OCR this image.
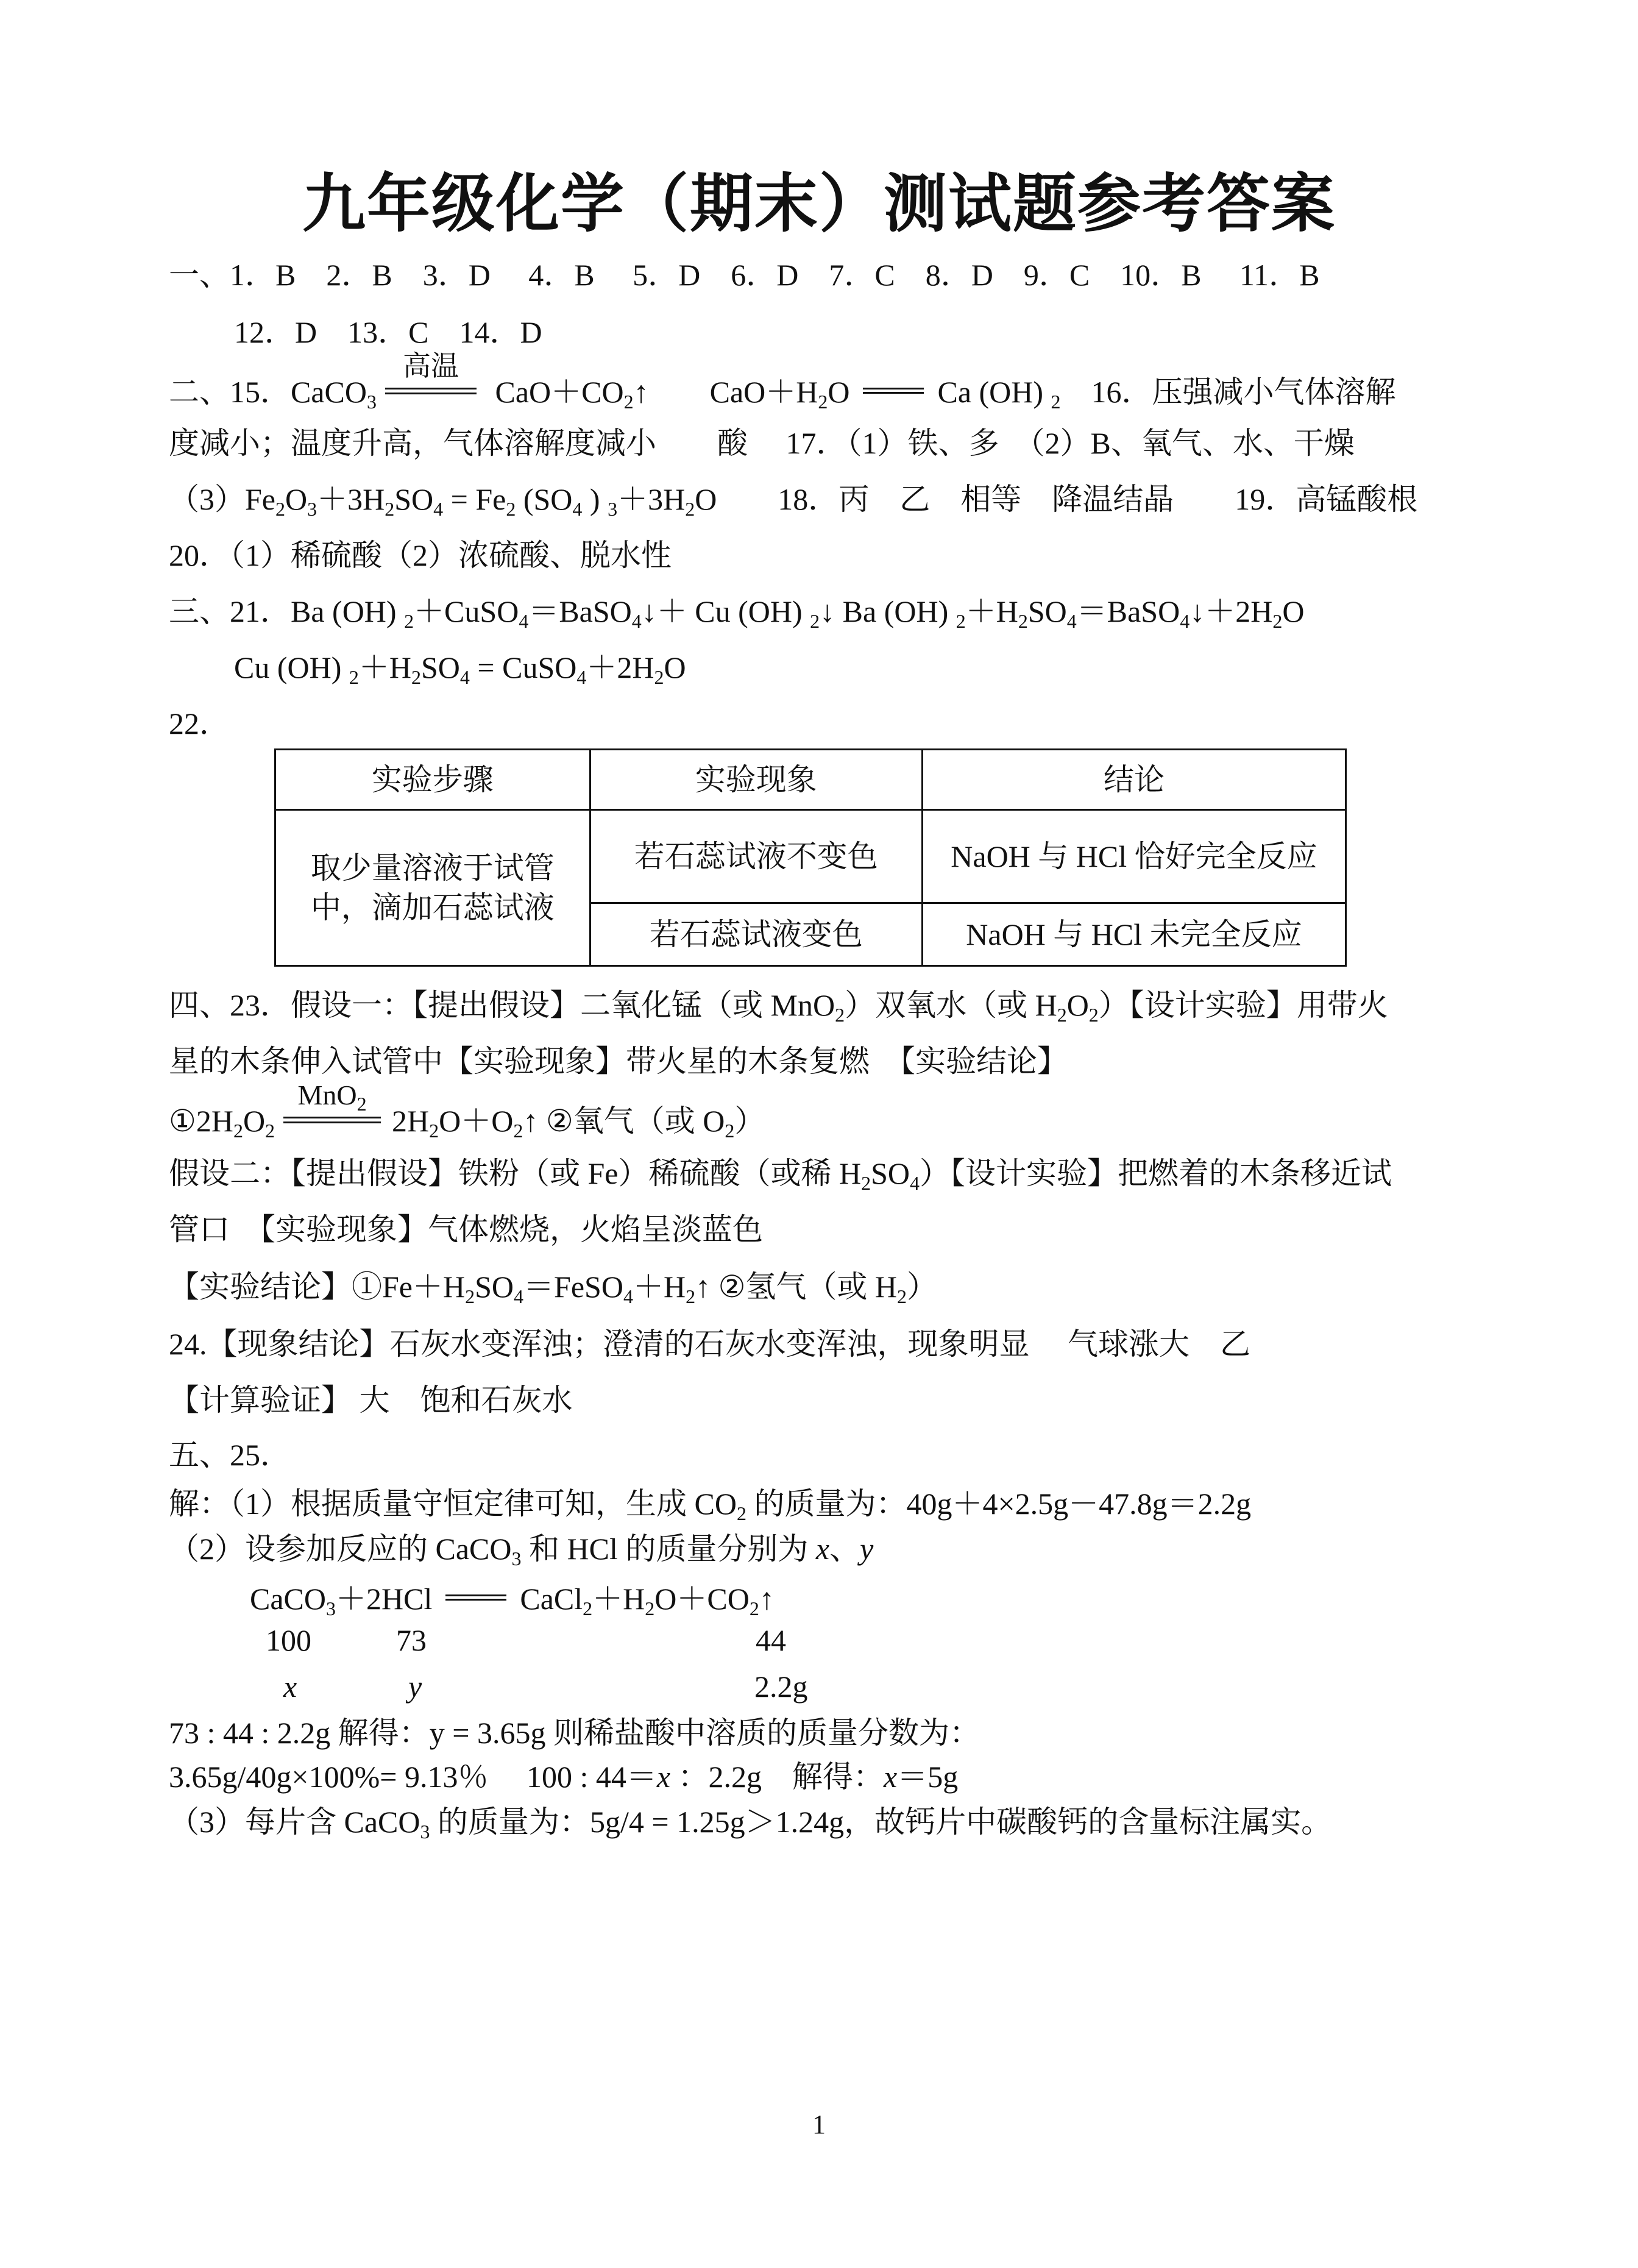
九年级化学（期末）测试题参考答案
一、1．B　2．B　3．D　 4．B　 5．D　6．D　7．C　8．D　9．C　10．B　 11．B
12．D　13．C　14．D
二、15．CaCO$_3$
高温
$CaO+CO_2↑$　　$CaO+H_2O$	Ca (OH) $_2$　16．压强减小气体溶解
度减小；温度升高，气体溶解度减小　　酸　 17．（1）铁、多　（2）B、氧气、水、干燥
$(3)Fe_2O_3+3H_2SO_4 = Fe_2$ ($SO_4$ ) $_3+3H_2O$　　18．丙　乙　相等　降温结晶　　19．高锰酸根
20．（1）稀硫酸（2）浓硫酸、脱水性
三、21．Ba (OH) $_2$＋CuSO$_4$＝BaSO$_4$↓＋ Cu (OH) $_2$↓ Ba (OH) $_2+H_2SO_4=BaSO_4↓+2H_2O$
Cu (OH) $_2+H_2SO_4$ = $CuSO_4+2H_2O$
22．
实验步骤	实验现象	结论
取少量溶液于试管中，滴加石蕊试液	若石蕊试液不变色	NaOH 与 HCl 恰好完全反应
	若石蕊试液变色	NaOH 与 HCl 未完全反应
四、23．假设一：【提出假设】二氧化锰（或 MnO$_2$）双氧水（或 $H_2O_2$）【设计实验】用带火
星的木条伸入试管中【实验现象】带火星的木条复燃　【实验结论】
$①2H_2O_2$
MnO$_2$ $2H_2O+O_2↑$ ②氧气（或 $O_2$）
假设二：【提出假设】铁粉（或 Fe）稀硫酸（或稀 $H_2SO_4$）【设计实验】把燃着的木条移近试
管口　【实验现象】气体燃烧，火焰呈淡蓝色
【实验结论】$①Fe+H_2SO_4=FeSO_4+H_2↑$ ②氢气（或 $H_2$）
24.【现象结论】石灰水变浑浊；澄清的石灰水变浑浊，现象明显　 气球涨大　乙
【计算验证】 大　饱和石灰水
五、25．
解：（1）根据质量守恒定律可知，生成 $CO_2$ 的质量为：40g＋4×2.5g－47.8g＝2.2g
（2）设参加反应的 CaCO$_3$ 和 HCl 的质量分别为 x、y
CaCO$_3$＋2HCl	$CaCl_2+H_2O+CO_2↑$
100	73	44
x	y	2.2g
73 : 44 : 2.2g 解得：y = 3.65g 则稀盐酸中溶质的质量分数为：
3.65g/40g×100%= 9.13％　 100 : 44＝x ：2.2g　解得：x＝5g
（3）每片含 CaCO$_3$ 的质量为：5g/4 = 1.25g＞1.24g，故钙片中碳酸钙的含量标注属实。
1
